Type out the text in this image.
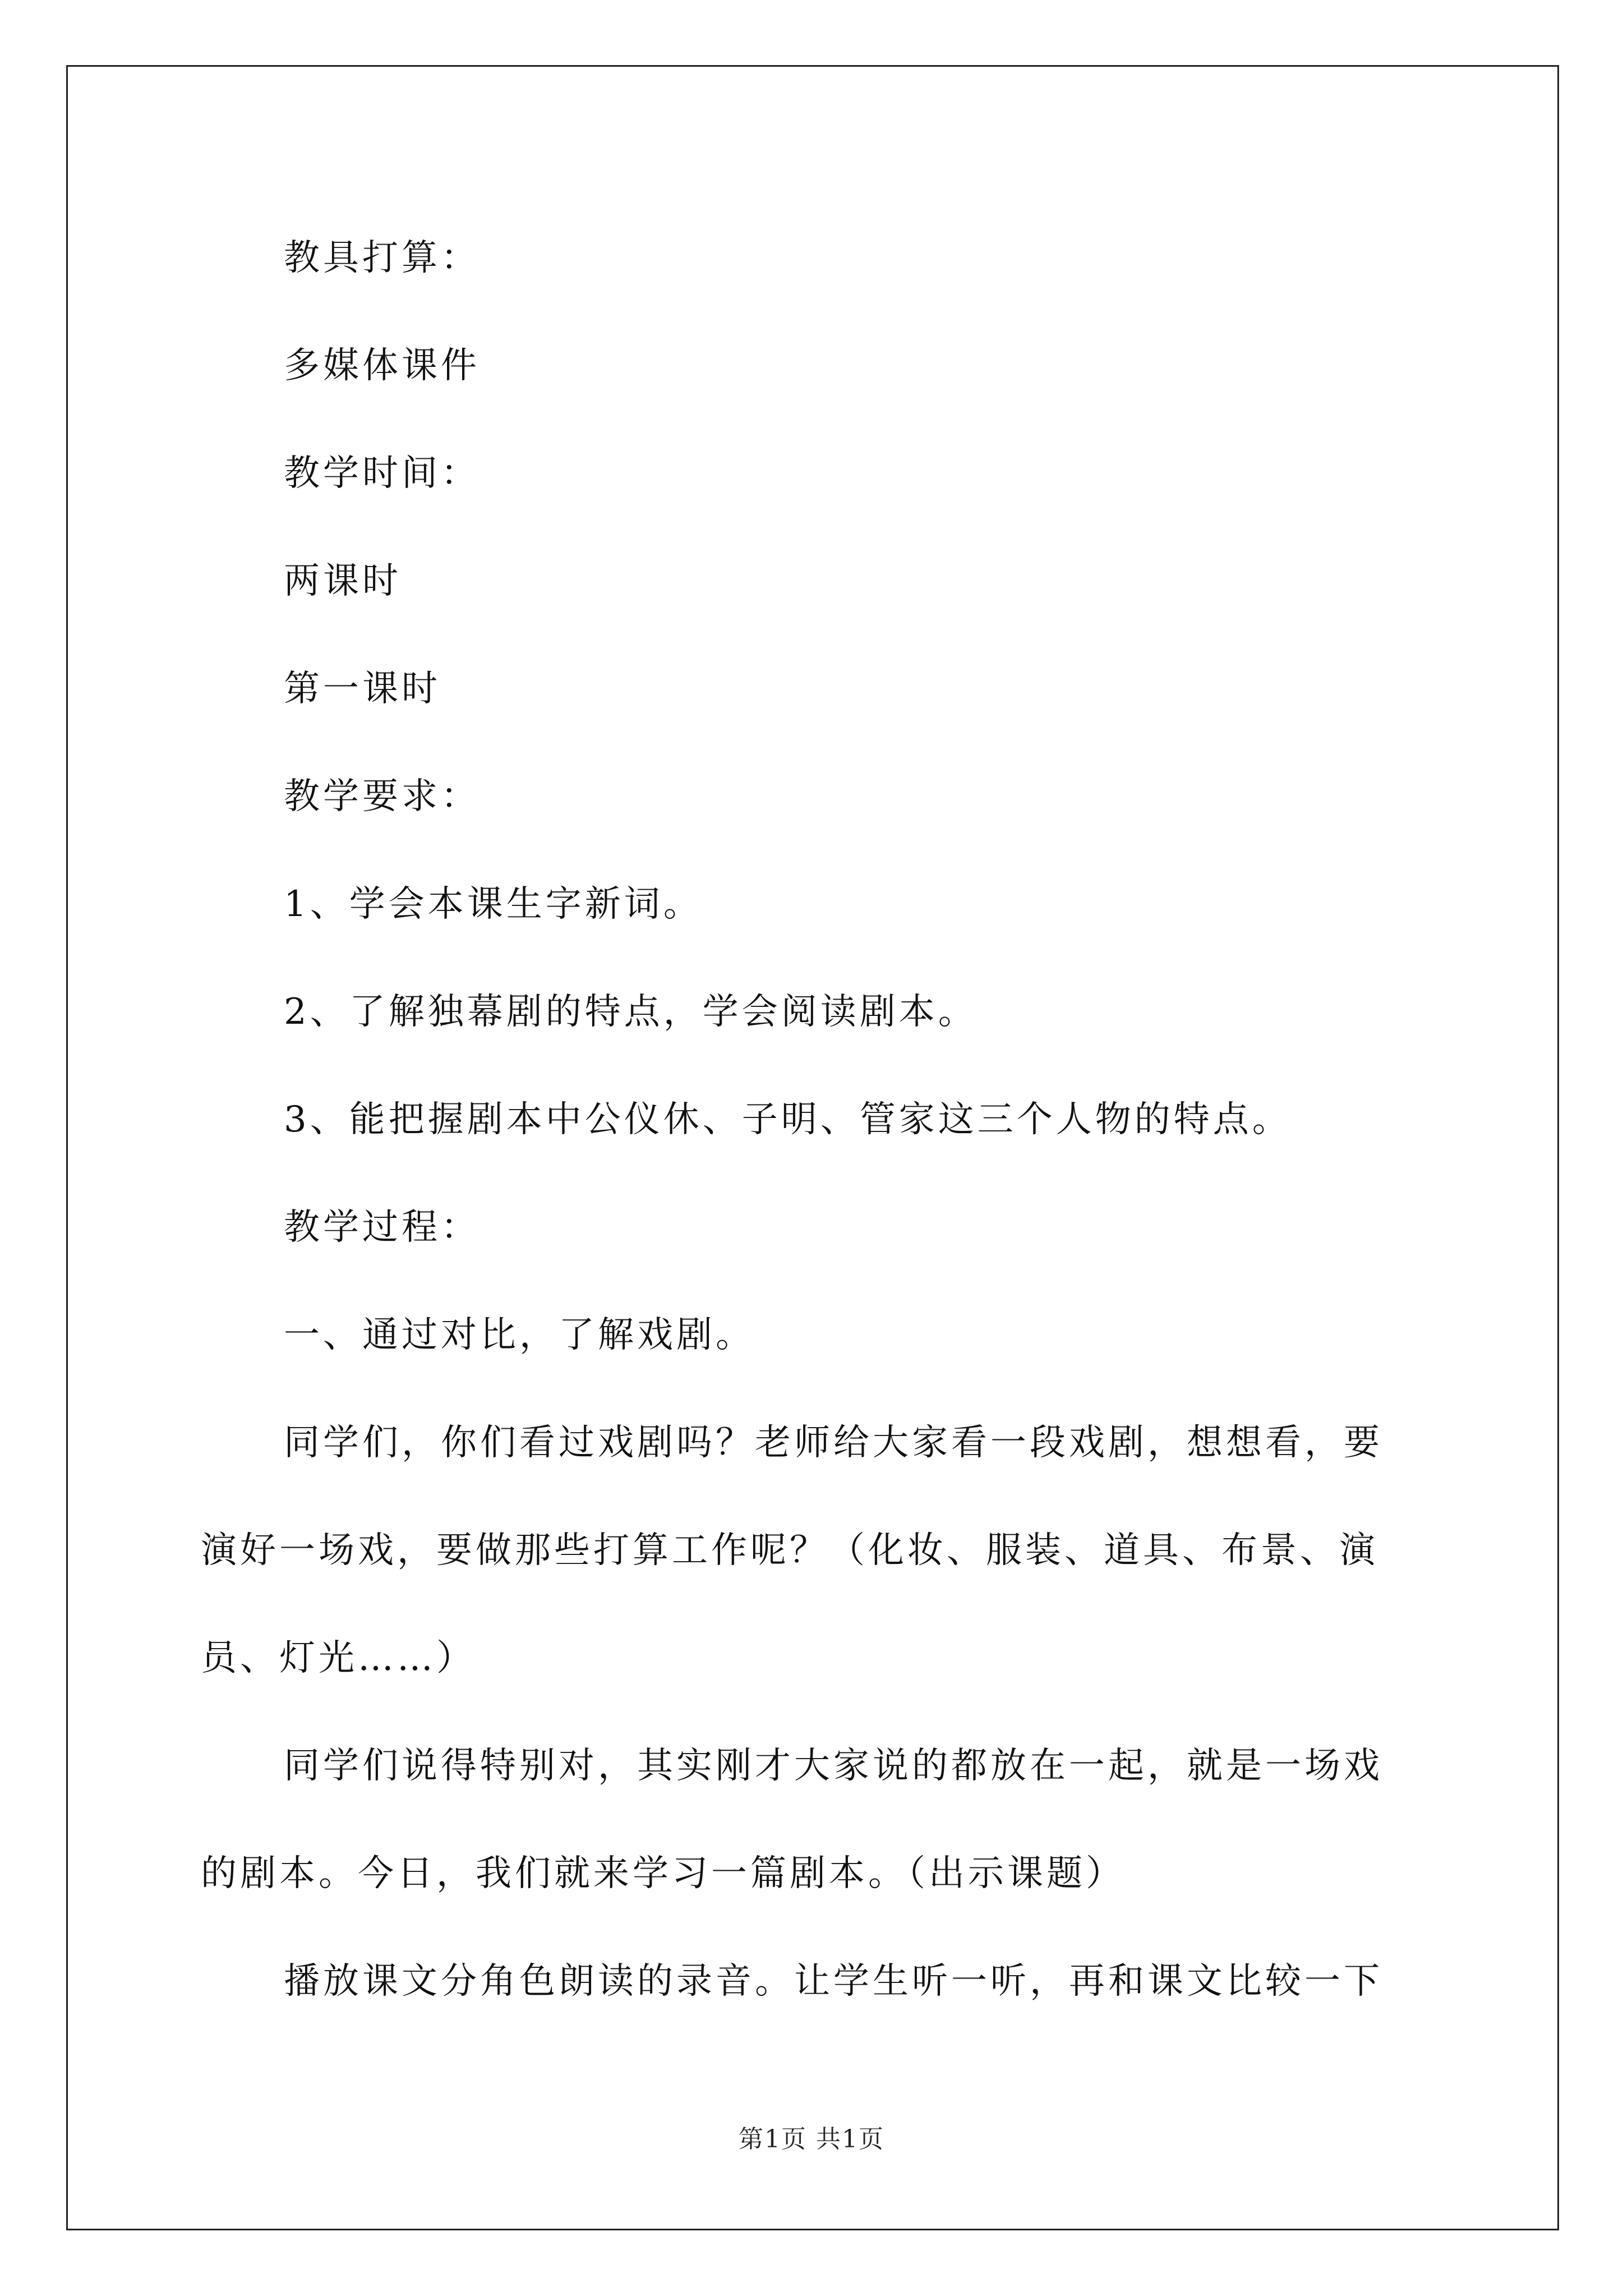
教具打算：
多媒体课件
教学时间：
两课时
第一课时
教学要求：
1、学会本课生字新词。
2、了解独幕剧的特点，学会阅读剧本。
3、能把握剧本中公仪休、子明、管家这三个人物的特点。
教学过程：
一、通过对比，了解戏剧。
同学们，你们看过戏剧吗？老师给大家看一段戏剧，想想看，要
演好一场戏，要做那些打算工作呢？（化妆、服装、道具、布景、演
员、灯光……）
同学们说得特别对，其实刚才大家说的都放在一起，就是一场戏
的剧本。今日，我们就来学习一篇剧本。（出示课题）
播放课文分角色朗读的录音。让学生听一听，再和课文比较一下
第1页 共1页
